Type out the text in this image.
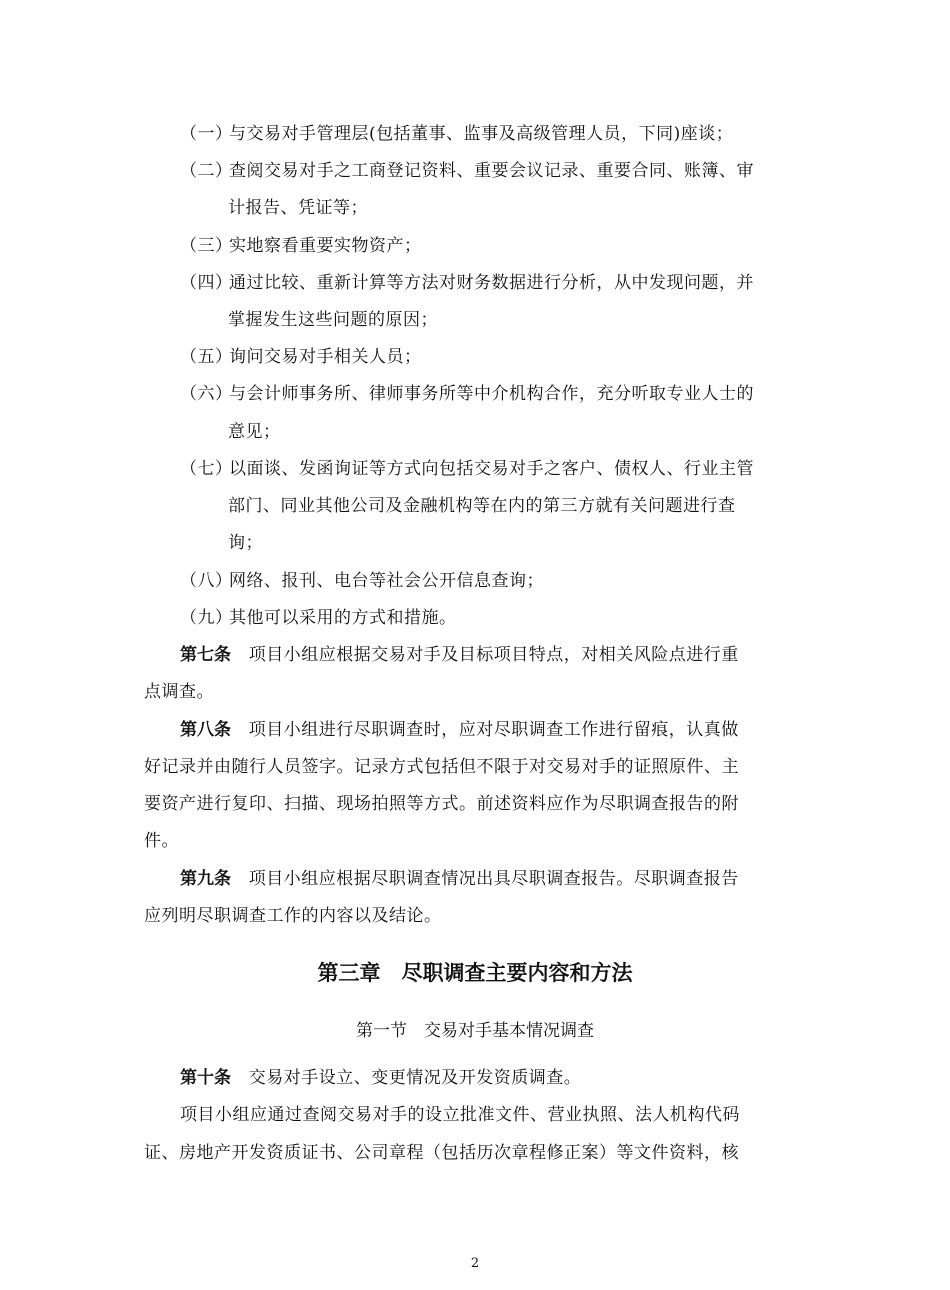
（一）与交易对手管理层(包括董事、监事及高级管理人员，下同)座谈；
（二）查阅交易对手之工商登记资料、重要会议记录、重要合同、账簿、审
计报告、凭证等；
（三）实地察看重要实物资产；
（四）通过比较、重新计算等方法对财务数据进行分析，从中发现问题，并
掌握发生这些问题的原因；
（五）询问交易对手相关人员；
（六）与会计师事务所、律师事务所等中介机构合作，充分听取专业人士的
意见；
（七）以面谈、发函询证等方式向包括交易对手之客户、债权人、行业主管
部门、同业其他公司及金融机构等在内的第三方就有关问题进行查
询；
（八）网络、报刊、电台等社会公开信息查询；
（九）其他可以采用的方式和措施。
第七条 项目小组应根据交易对手及目标项目特点，对相关风险点进行重
点调查。
第八条 项目小组进行尽职调查时，应对尽职调查工作进行留痕，认真做
好记录并由随行人员签字。记录方式包括但不限于对交易对手的证照原件、主
要资产进行复印、扫描、现场拍照等方式。前述资料应作为尽职调查报告的附
件。
第九条 项目小组应根据尽职调查情况出具尽职调查报告。尽职调查报告
应列明尽职调查工作的内容以及结论。
第三章　尽职调查主要内容和方法
第一节　交易对手基本情况调查
第十条 交易对手设立、变更情况及开发资质调查。
项目小组应通过查阅交易对手的设立批准文件、营业执照、法人机构代码
证、房地产开发资质证书、公司章程（包括历次章程修正案）等文件资料，核
2
